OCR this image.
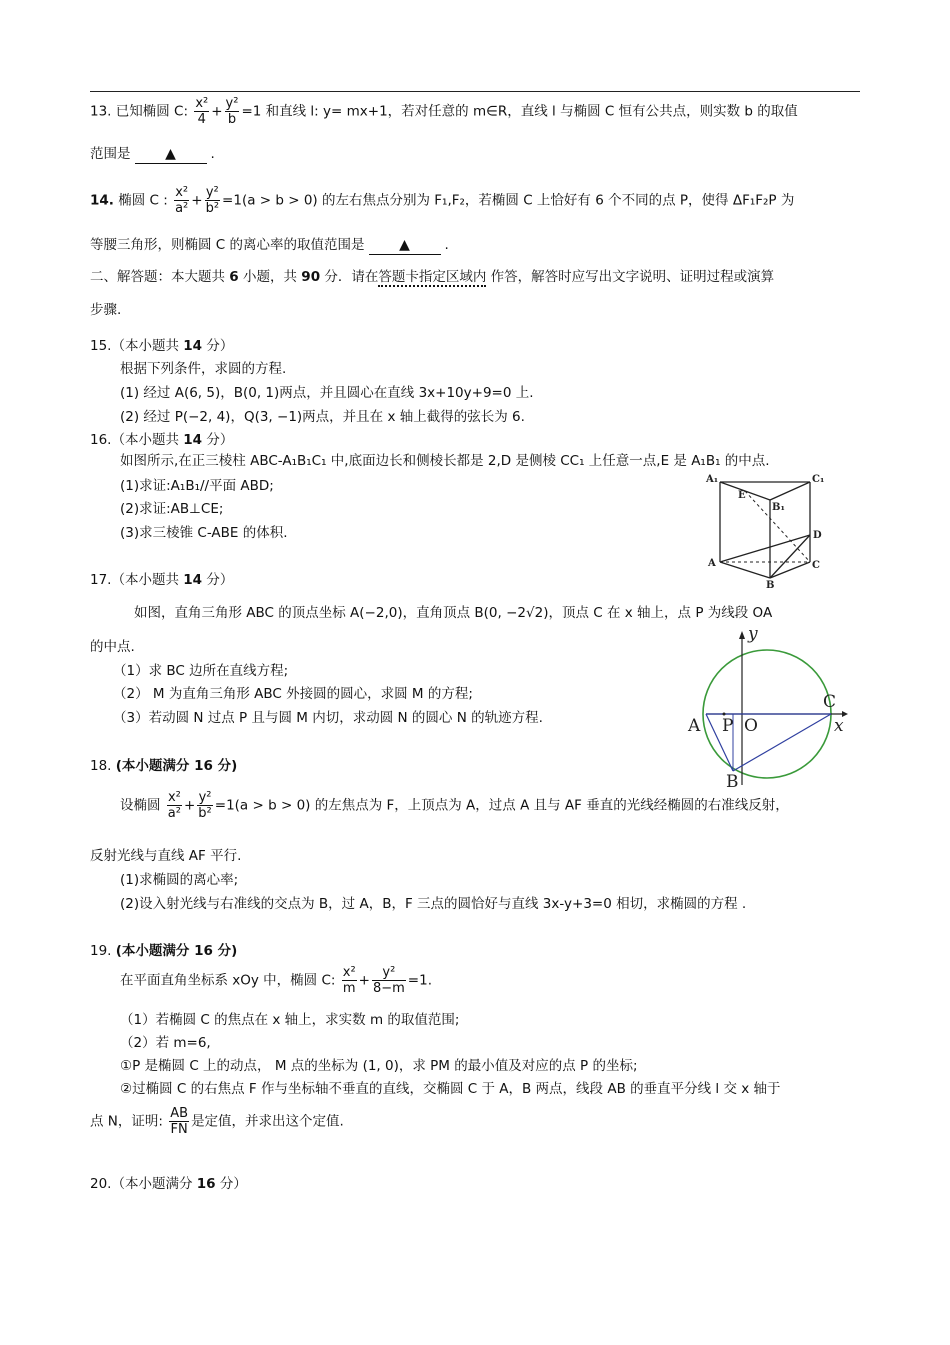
13. 已知椭圆 C: $\frac{\text{x²}}{4} + \frac{\text{y²}}{b} =1$ 和直线 l: y= mx+1，若对任意的 m∈R，直线 l 与椭圆 C 恒有公共点，则实数 b 的取值
范围是 ▲	.
14. 椭圆 C : $\frac{\text{x²}}{\text{a²}} + \frac{\text{y²}}{\text{b²}} =1(a > b > 0)$ 的左右焦点分别为 F₁,F₂，若椭圆 C 上恰好有 6 个不同的点 P，使得 ΔF₁F₂P 为
等腰三角形，则椭圆 C 的离心率的取值范围是 ▲	.
二、解答题：本大题共 6 小题，共 90 分．请在答题卡指定区域内 作答，解答时应写出文字说明、证明过程或演算
步骤.
15.（本小题共 14 分）
根据下列条件，求圆的方程.
(1) 经过 A(6, 5)，B(0, 1)两点，并且圆心在直线 3x+10y+9=0 上.
(2) 经过 P(−2, 4)，Q(3, −1)两点，并且在 x 轴上截得的弦长为 6.
16.（本小题共 14 分）
如图所示,在正三棱柱 ABC-A₁B₁C₁ 中,底面边长和侧棱长都是 2,D 是侧棱 CC₁ 上任意一点,E 是 A₁B₁ 的中点.
(1)求证:A₁B₁//平面 ABD;
(2)求证:AB⊥CE;
(3)求三棱锥 C-ABE 的体积.
A₁	C₁
E
B₁
D
A	C
B
17.（本小题共 14 分）
如图，直角三角形 ABC 的顶点坐标 A(−2,0)，直角顶点 B(0, −2√2)，顶点 C 在 x 轴上，点 P 为线段 OA
的中点.
（1）求 BC 边所在直线方程;
（2） M 为直角三角形 ABC 外接圆的圆心，求圆 M 的方程;
（3）若动圆 N 过点 P 且与圆 M 内切，求动圆 N 的圆心 N 的轨迹方程.
y
x
A P O
C
B
18. (本小题满分 16 分)
设椭圆 $\frac{\text{x²}}{\text{a²}} + \frac{\text{y²}}{\text{b²}} =1(a > b > 0)$ 的左焦点为 F，上顶点为 A，过点 A 且与 AF 垂直的光线经椭圆的右准线反射，
反射光线与直线 AF 平行.
(1)求椭圆的离心率;
(2)设入射光线与右准线的交点为 B，过 A，B，F 三点的圆恰好与直线 3x-y+3=0 相切，求椭圆的方程 .
19. (本小题满分 16 分)
在平面直角坐标系 xOy 中，椭圆 C: $\frac{\text{x²}}{m} + \frac{\text{y²}}{8-m} =1$.
（1）若椭圆 C 的焦点在 x 轴上，求实数 m 的取值范围;
（2）若 m=6,
①P 是椭圆 C 上的动点， M 点的坐标为 (1, 0)，求 PM 的最小值及对应的点 P 的坐标;
②过椭圆 C 的右焦点 F 作与坐标轴不垂直的直线，交椭圆 C 于 A，B 两点，线段 AB 的垂直平分线 l 交 x 轴于
点 N，证明: $\frac{AB}{FN}$ 是定值，并求出这个定值.
20.（本小题满分 16 分）
